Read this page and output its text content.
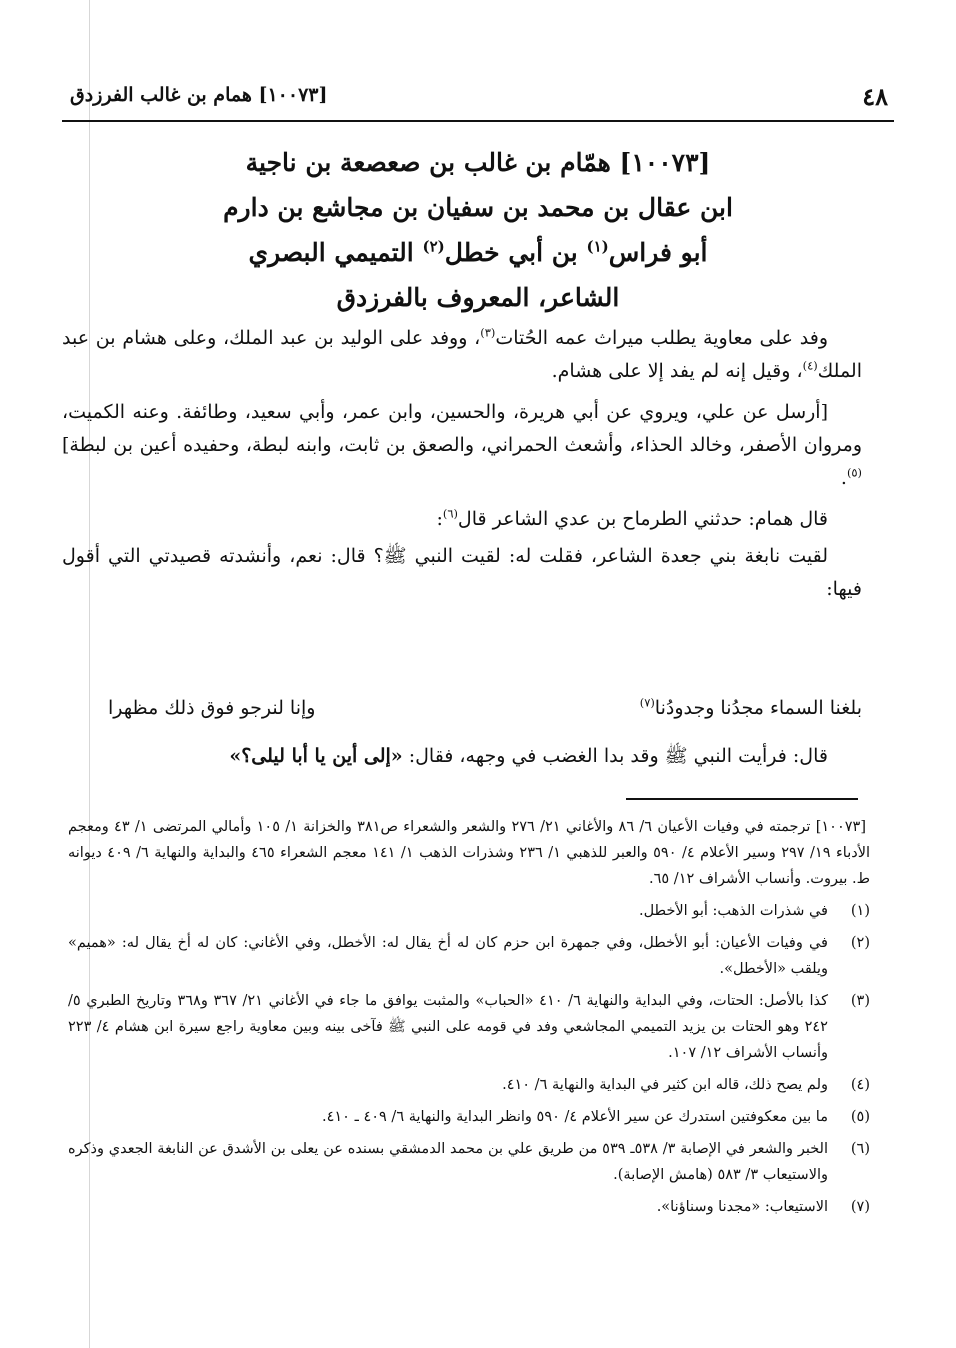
٤٨
[١٠٠٧٣] همام بن غالب الفرزدق
[١٠٠٧٣] همّام بن غالب بن صعصعة بن ناجية
ابن عقال بن محمد بن سفيان بن مجاشع بن دارم
أبو فراس$^{(١)}$ بن أبي خطل$^{(٢)}$ التميمي البصري
الشاعر، المعروف بالفرزدق

وفد على معاوية يطلب ميراث عمه الحُتات$^{(٣)}$، ووفد على الوليد بن عبد الملك، وعلى هشام بن عبد الملك$^{(٤)}$، وقيل إنه لم يفد إلا على هشام.

[أرسل عن علي، ويروي عن أبي هريرة، والحسين، وابن عمر، وأبي سعيد، وطائفة. وعنه الكميت، ومروان الأصفر، وخالد الحذاء، وأشعث الحمراني، والصعق بن ثابت، وابنه لبطة، وحفيده أعين بن لبطة]$^{(٥)}$.

قال همام: حدثني الطرماح بن عدي الشاعر قال$^{(٦)}$:

لقيت نابغة بني جعدة الشاعر، فقلت له: لقيت النبي ﷺ؟ قال: نعم، وأنشدته قصيدتي التي أقول فيها:

بلغنا السماء مجدُنا وجدودُنا$^{(٧)}$
وإنا لنرجو فوق ذلك مظهرا
قال: فرأيت النبي ﷺ وقد بدا الغضب في وجهه، فقال: «إلى أين يا أبا ليلى؟»

[١٠٠٧٣] ترجمته في وفيات الأعيان ٦/ ٨٦ والأغاني ٢١/ ٢٧٦ والشعر والشعراء ص٣٨١ والخزانة ١/ ١٠٥ وأمالي المرتضى ١/ ٤٣ ومعجم الأدباء ١٩/ ٢٩٧ وسير الأعلام ٤/ ٥٩٠ والعبر للذهبي ١/ ٢٣٦ وشذرات الذهب ١/ ١٤١ معجم الشعراء ٤٦٥ والبداية والنهاية ٦/ ٤٠٩ ديوانه ط. بيروت. وأنساب الأشراف ١٢/ ٦٥.

(١)
في شذرات الذهب: أبو الأخطل.
(٢)
في وفيات الأعيان: أبو الأخطل، وفي جمهرة ابن حزم كان له أخ يقال له: الأخطل، وفي الأغاني: كان له أخ يقال له: «هميم» ويلقب «الأخطل».
(٣)
كذا بالأصل: الحتات، وفي البداية والنهاية ٦/ ٤١٠ «الحباب» والمثبت يوافق ما جاء في الأغاني ٢١/ ٣٦٧ و٣٦٨ وتاريخ الطبري ٥/ ٢٤٢ وهو الحتات بن يزيد التميمي المجاشعي وفد في قومه على النبي ﷺ فآخى بينه وبين معاوية راجع سيرة ابن هشام ٤/ ٢٢٣ وأنساب الأشراف ١٢/ ١٠٧.
(٤)
ولم يصح ذلك، قاله ابن كثير في البداية والنهاية ٦/ ٤١٠.
(٥)
ما بين معكوفتين استدرك عن سير الأعلام ٤/ ٥٩٠ وانظر البداية والنهاية ٦/ ٤٠٩ ـ ٤١٠.
(٦)
الخبر والشعر في الإصابة ٣/ ٥٣٨ـ ٥٣٩ من طريق علي بن محمد الدمشقي بسنده عن يعلى بن الأشدق عن النابغة الجعدي وذكره والاستيعاب ٣/ ٥٨٣ (هامش الإصابة).
(٧)
الاستيعاب: «مجدنا وسناؤنا».
